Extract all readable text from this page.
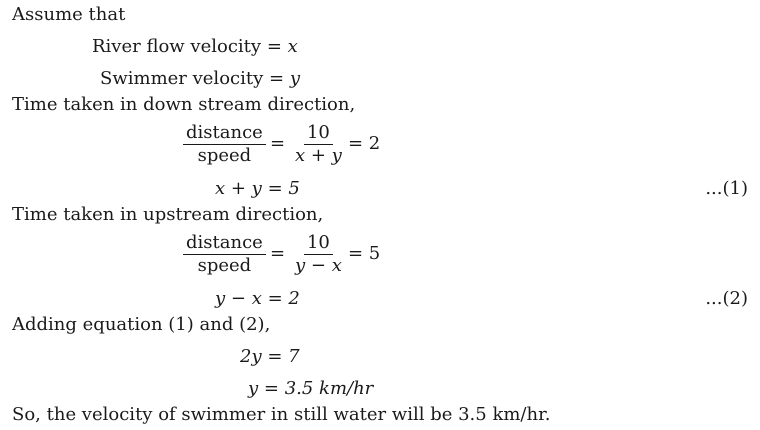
Assume that
River flow velocity = x
Swimmer velocity = y
Time taken in down stream direction,
distance
speed
= $\frac{10}{x + y} = 2$
x + y = 5	...(1)
Time taken in upstream direction,
distance
speed
= $\frac{10}{y - x} = 5$
y − x = 2	...(2)
Adding equation (1) and (2),
2y = 7
y = 3.5 km/hr
So, the velocity of swimmer in still water will be 3.5 km/hr.
